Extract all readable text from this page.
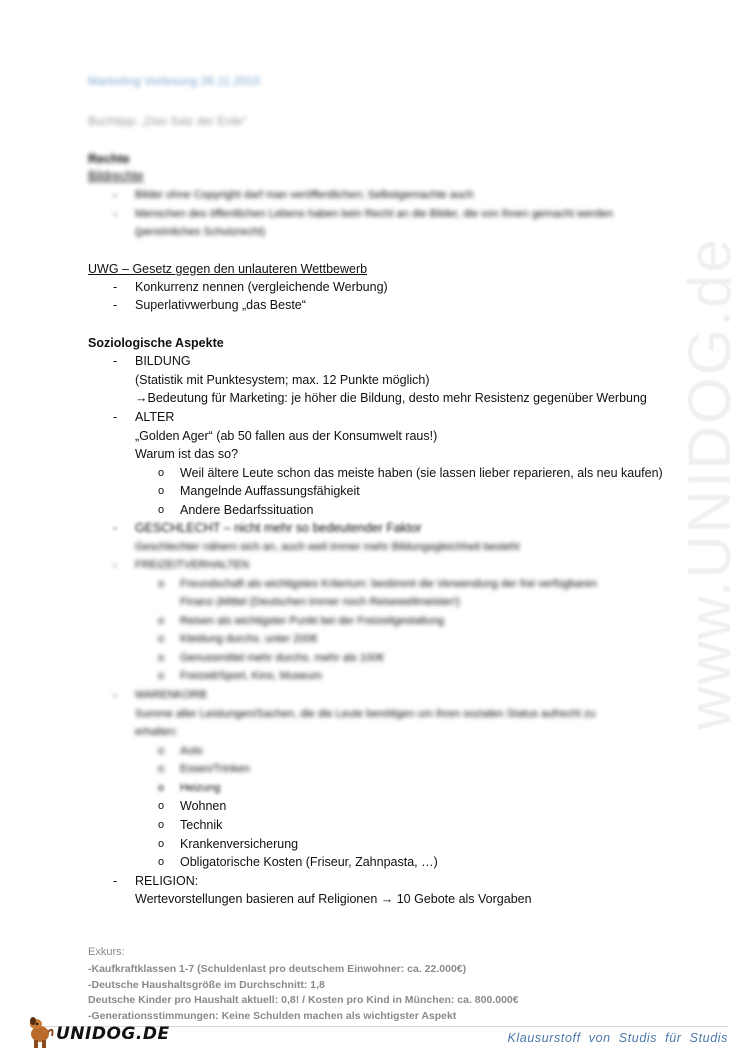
www.UNIDOG.de
Marketing Vorlesung 26.11.2010
Buchtipp: „Das Salz der Erde“
Rechte
Bildrechte
-	Bilder ohne Copyright darf man veröffentlichen; Selbstgemachte auch
-	Menschen des öffentlichen Lebens haben kein Recht an die Bilder, die von ihnen gemacht werden
(persönliches Schutzrecht)
UWG – Gesetz gegen den unlauteren Wettbewerb
-	Konkurrenz nennen (vergleichende Werbung)
-	Superlativwerbung „das Beste“
Soziologische Aspekte
-	BILDUNG
(Statistik mit Punktesystem; max. 12 Punkte möglich)
→Bedeutung für Marketing: je höher die Bildung, desto mehr Resistenz gegenüber Werbung
-	ALTER
„Golden Ager“ (ab 50 fallen aus der Konsumwelt raus!)
Warum ist das so?
o	Weil ältere Leute schon das meiste haben (sie lassen lieber reparieren, als neu kaufen)
o	Mangelnde Auffassungsfähigkeit
o	Andere Bedarfssituation
-	GESCHLECHT – nicht mehr so bedeutender Faktor
Geschlechter nähern sich an, auch weil immer mehr Bildungsgleichheit besteht
-	FREIZEITVERHALTEN
o	Freundschaft als wichtigstes Kriterium: bestimmt die Verwendung der frei verfügbaren
Finanz-)Mittel (Deutschen immer noch Reiseweltmeister!)
o	Reisen als wichtigster Punkt bei der Freizeitgestaltung
o	Kleidung durchs. unter 200€
o	Genussmittel mehr durchs. mehr als 100€
o	Freizeit/Sport, Kino, Museum
-	WARENKORB
Summe aller Leistungen/Sachen, die die Leute benötigen um ihren sozialen Status aufrecht zu
erhalten:
o	Auto
o	Essen/Trinken
o	Heizung
o	Wohnen
o	Technik
o	Krankenversicherung
o	Obligatorische Kosten (Friseur, Zahnpasta, …)
-	RELIGION:
Wertevorstellungen basieren auf Religionen → 10 Gebote als Vorgaben
Exkurs:
-Kaufkraftklassen 1-7 (Schuldenlast pro deutschem Einwohner: ca. 22.000€)
-Deutsche Haushaltsgröße im Durchschnitt: 1,8
Deutsche Kinder pro Haushalt aktuell: 0,8! / Kosten pro Kind in München: ca. 800.000€
-Generationsstimmungen: Keine Schulden machen als wichtigster Aspekt
UNIDOG.DE	Klausurstoff von Studis für Studis
